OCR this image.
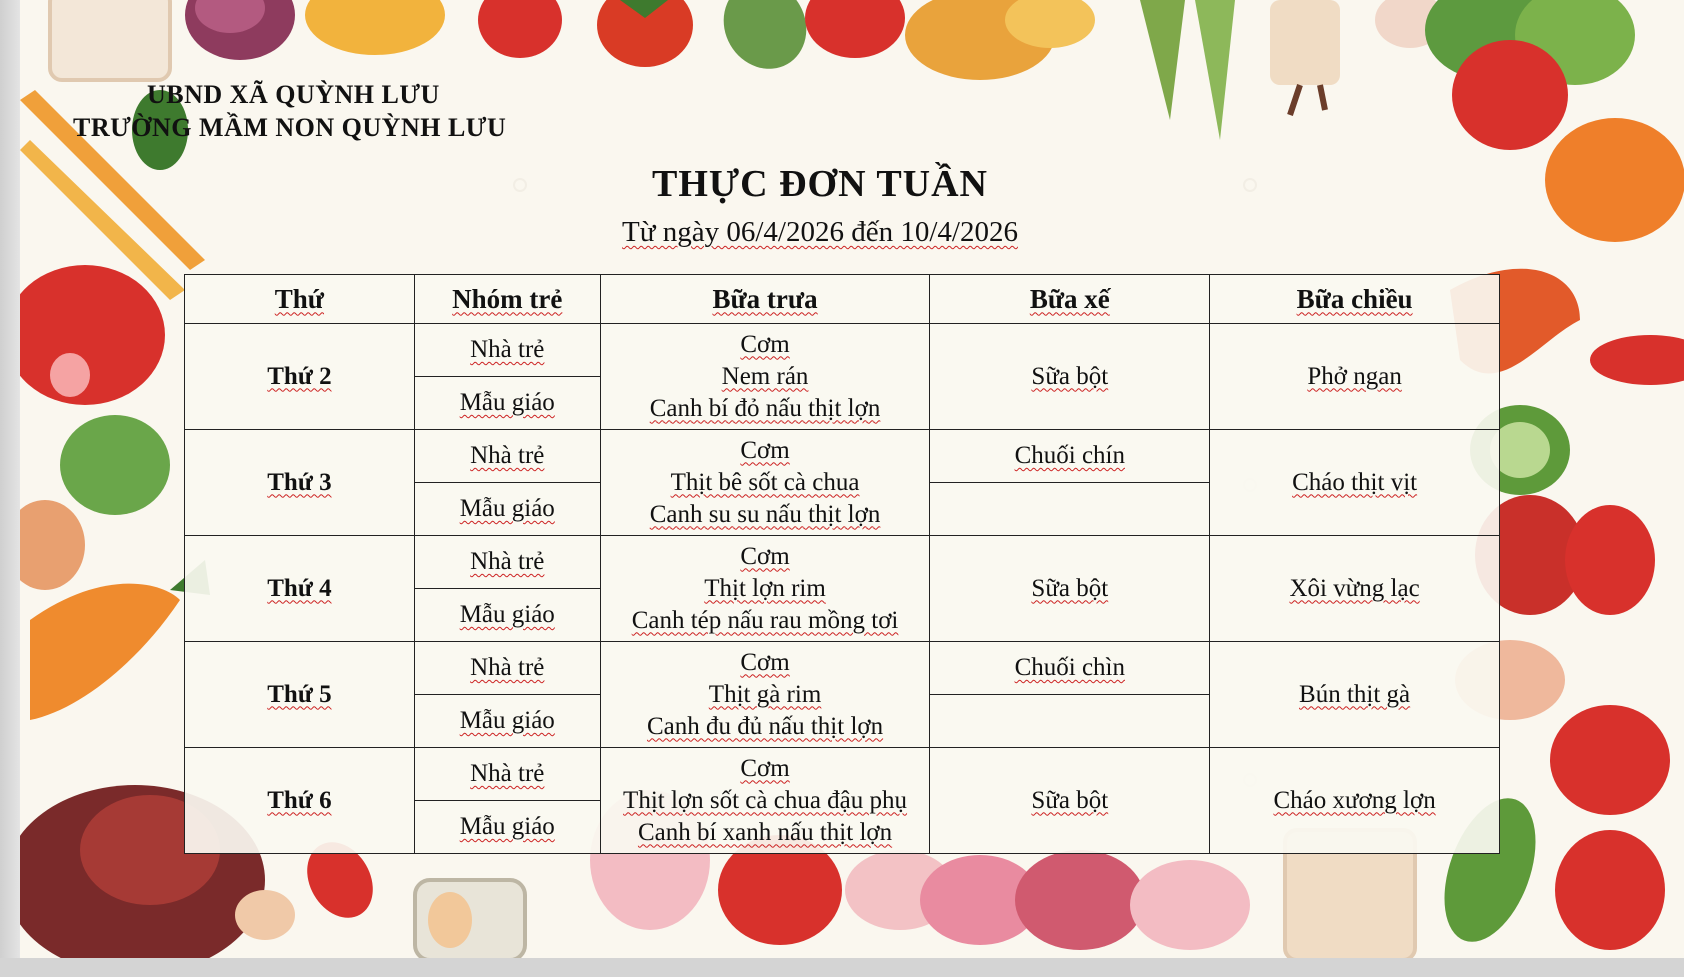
UBND XÃ QUỲNH LƯU
TRƯỜNG MẦM NON QUỲNH LƯU
THỰC ĐƠN TUẦN
Từ ngày 06/4/2026 đến 10/4/2026
Thứ	Nhóm trẻ	Bữa trưa	Bữa xế	Bữa chiều
Thứ 2	Nhà trẻ	Cơm
Nem rán
Canh bí đỏ nấu thịt lợn	Sữa bột	Phở ngan
	Mẫu giáo			
Thứ 3	Nhà trẻ	Cơm
Thịt bê sốt cà chua
Canh su su nấu thịt lợn	Chuối chín	Cháo thịt vịt
	Mẫu giáo			
Thứ 4	Nhà trẻ	Cơm
Thịt lợn rim
Canh tép nấu rau mồng tơi	Sữa bột	Xôi vừng lạc
	Mẫu giáo			
Thứ 5	Nhà trẻ	Cơm
Thịt gà rim
Canh đu đủ nấu thịt lợn	Chuối chìn	Bún thịt gà
	Mẫu giáo			
Thứ 6	Nhà trẻ	Cơm
Thịt lợn sốt cà chua đậu phụ
Canh bí xanh nấu thịt lợn	Sữa bột	Cháo xương lợn
	Mẫu giáo			
